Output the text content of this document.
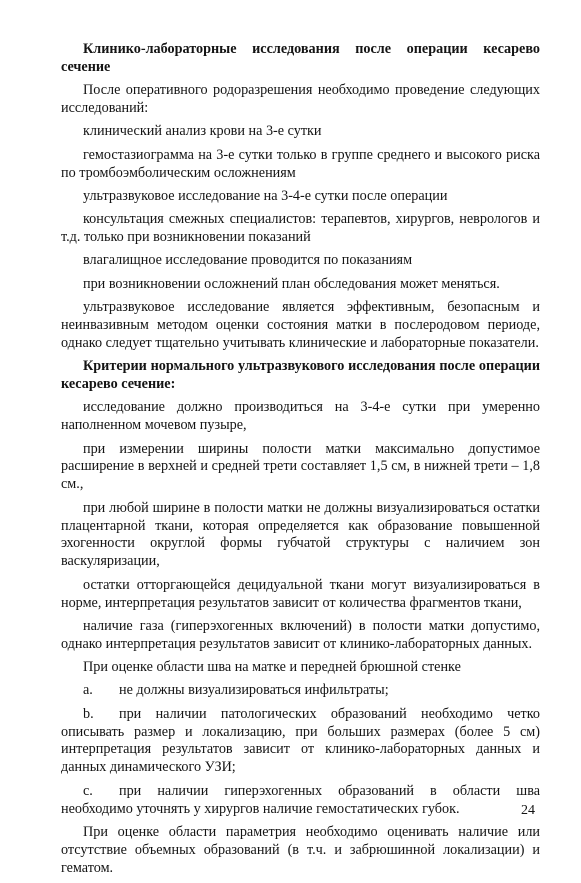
Клинико-лабораторные исследования после операции кесарево сечение

После оперативного родоразрешения необходимо проведение следующих исследований:

клинический анализ крови на 3-е сутки

гемостазиограмма на 3-е сутки только в группе среднего и высокого риска по тромбоэмболическим осложнениям

ультразвуковое исследование на 3-4-е сутки после операции

консультация смежных специалистов: терапевтов, хирургов, неврологов и т.д. только при возникновении показаний

влагалищное исследование проводится по показаниям

при возникновении осложнений план обследования может меняться.

ультразвуковое исследование является эффективным, безопасным и неинвазивным методом оценки состояния матки в послеродовом периоде, однако следует тщательно учитывать клинические и лабораторные показатели.

Критерии нормального ультразвукового исследования после операции кесарево сечение:

исследование должно производиться на 3-4-е сутки при умеренно наполненном мочевом пузыре,

при измерении ширины полости матки максимально допустимое расширение в верхней и средней трети составляет 1,5 см, в нижней трети – 1,8 см.,

при любой ширине в полости матки не должны визуализироваться остатки плацентарной ткани, которая определяется как образование повышенной эхогенности округлой формы губчатой структуры с наличием зон васкуляризации,

остатки отторгающейся децидуальной ткани могут визуализироваться в норме, интерпретация результатов зависит от количества фрагментов ткани,

наличие газа (гиперэхогенных включений) в полости матки допустимо, однако интерпретация результатов зависит от клинико-лабораторных данных.

При оценке области шва на матке и передней брюшной стенке

a. не должны визуализироваться инфильтраты;

b. при наличии патологических образований необходимо четко описывать размер и локализацию, при больших размерах (более 5 см) интерпретация результатов зависит от клинико-лабораторных данных и данных динамического УЗИ;

c. при наличии гиперэхогенных образований в области шва необходимо уточнять у хирургов наличие гемостатических губок.

При оценке области параметрия необходимо оценивать наличие или отсутствие объемных образований (в т.ч. и забрюшинной локализации) и гематом.

24
